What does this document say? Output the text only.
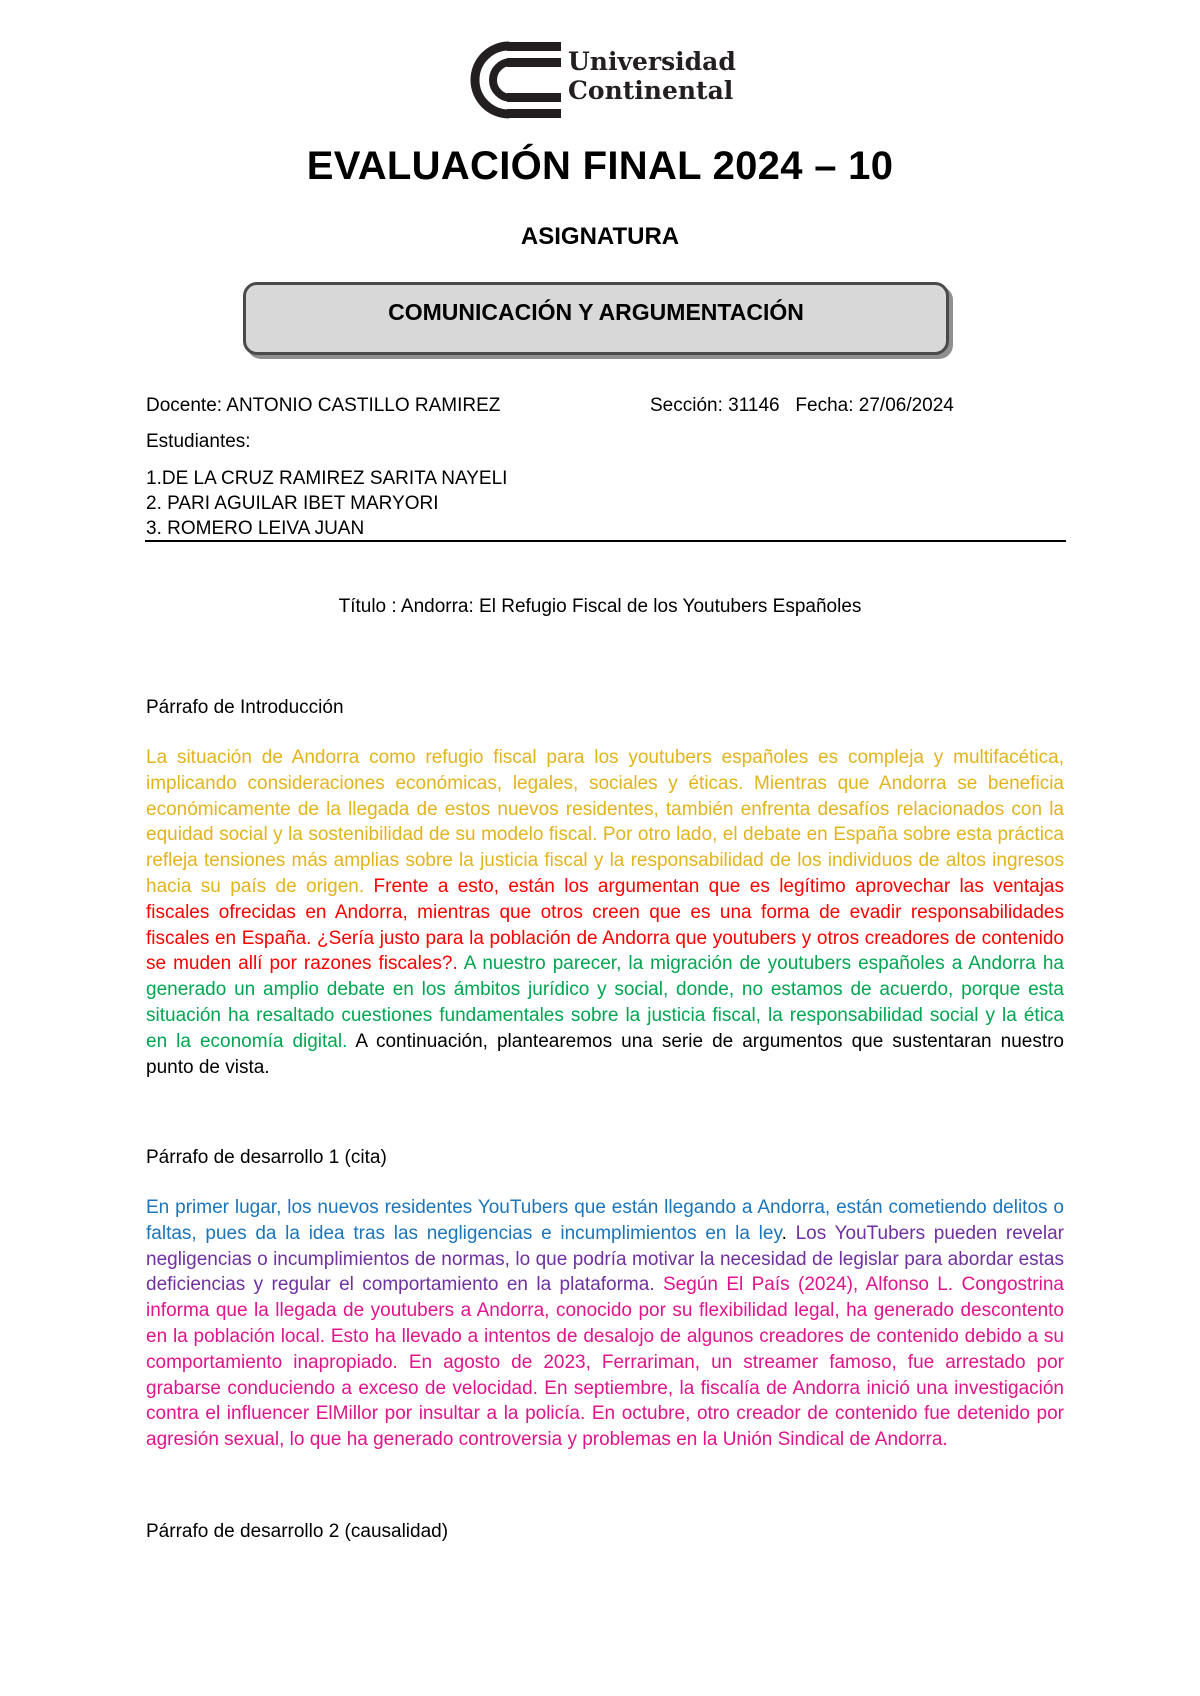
Universidad
Continental
EVALUACIÓN FINAL 2024 – 10
ASIGNATURA
COMUNICACIÓN Y ARGUMENTACIÓN
Docente: ANTONIO CASTILLO RAMIREZ	Sección: 31146   Fecha: 27/06/2024
Estudiantes:
1.DE LA CRUZ RAMIREZ SARITA NAYELI
2. PARI AGUILAR IBET MARYORI
3. ROMERO LEIVA JUAN
Título : Andorra: El Refugio Fiscal de los Youtubers Españoles
Párrafo de Introducción

La situación de Andorra como refugio fiscal para los youtubers españoles es compleja y multifacética, implicando consideraciones económicas, legales, sociales y éticas. Mientras que Andorra se beneficia económicamente de la llegada de estos nuevos residentes, también enfrenta desafíos relacionados con la equidad social y la sostenibilidad de su modelo fiscal. Por otro lado, el debate en España sobre esta práctica refleja tensiones más amplias sobre la justicia fiscal y la responsabilidad de los individuos de altos ingresos hacia su país de origen. Frente a esto, están los argumentan que es legítimo aprovechar las ventajas fiscales ofrecidas en Andorra, mientras que otros creen que es una forma de evadir responsabilidades fiscales en España. ¿Sería justo para la población de Andorra que youtubers y otros creadores de contenido se muden allí por razones fiscales?. A nuestro parecer, la migración de youtubers españoles a Andorra ha generado un amplio debate en los ámbitos jurídico y social, donde, no estamos de acuerdo, porque esta situación ha resaltado cuestiones fundamentales sobre la justicia fiscal, la responsabilidad social y la ética en la economía digital. A continuación, plantearemos una serie de argumentos que sustentaran nuestro punto de vista.

Párrafo de desarrollo 1 (cita)

En primer lugar, los nuevos residentes YouTubers que están llegando a Andorra, están cometiendo delitos o faltas, pues da la idea tras las negligencias e incumplimientos en la ley. Los YouTubers pueden revelar negligencias o incumplimientos de normas, lo que podría motivar la necesidad de legislar para abordar estas deficiencias y regular el comportamiento en la plataforma. Según El País (2024), Alfonso L. Congostrina informa que la llegada de youtubers a Andorra, conocido por su flexibilidad legal, ha generado descontento en la población local. Esto ha llevado a intentos de desalojo de algunos creadores de contenido debido a su comportamiento inapropiado. En agosto de 2023, Ferrariman, un streamer famoso, fue arrestado por grabarse conduciendo a exceso de velocidad. En septiembre, la fiscalía de Andorra inició una investigación contra el influencer ElMillor por insultar a la policía. En octubre, otro creador de contenido fue detenido por agresión sexual, lo que ha generado controversia y problemas en la Unión Sindical de Andorra.

Párrafo de desarrollo 2 (causalidad)
